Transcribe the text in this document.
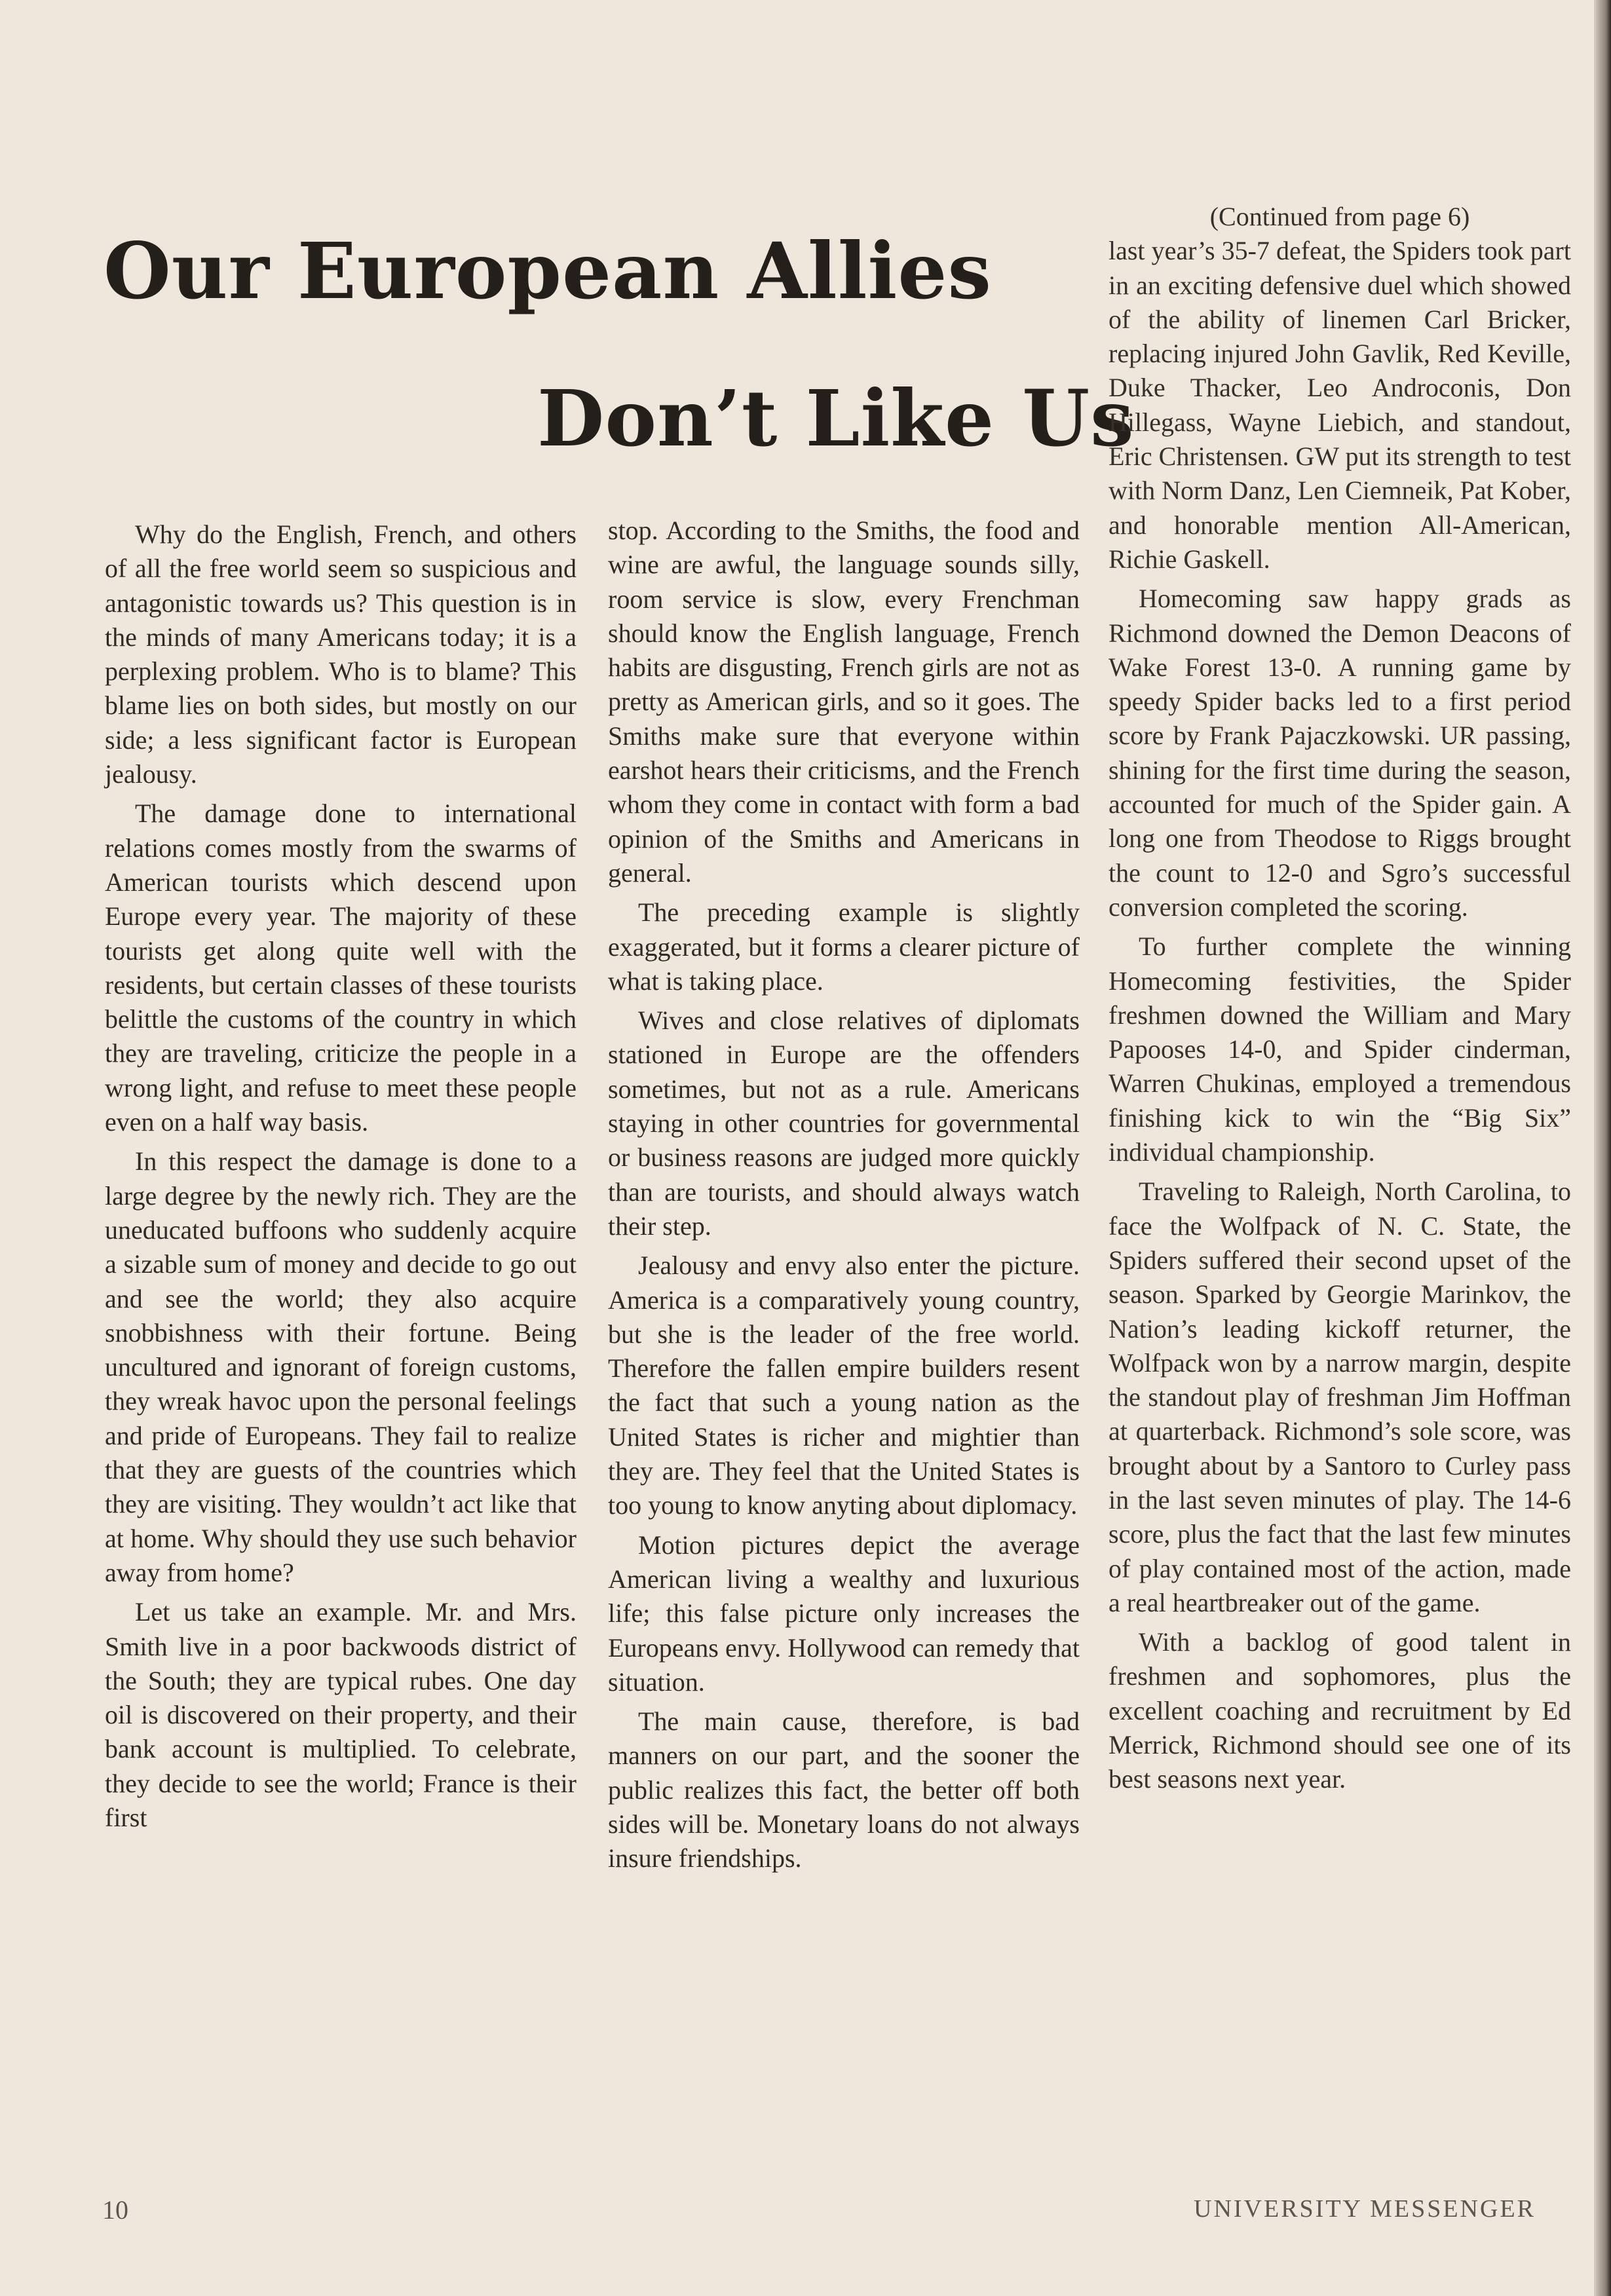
Our European Allies
Don’t Like Us

Why do the English, French, and others of all the free world seem so suspicious and antagonistic towards us? This question is in the minds of many Americans today; it is a perplexing problem. Who is to blame? This blame lies on both sides, but mostly on our side; a less significant factor is European jealousy.

The damage done to international relations comes mostly from the swarms of American tourists which descend upon Europe every year. The majority of these tourists get along quite well with the residents, but certain classes of these tourists belittle the customs of the country in which they are traveling, criticize the people in a wrong light, and refuse to meet these people even on a half way basis.

In this respect the damage is done to a large degree by the newly rich. They are the uneducated buffoons who suddenly acquire a sizable sum of money and decide to go out and see the world; they also acquire snobbishness with their fortune. Being uncultured and ignorant of foreign customs, they wreak havoc upon the personal feelings and pride of Europeans. They fail to realize that they are guests of the countries which they are visiting. They wouldn’t act like that at home. Why should they use such behavior away from home?

Let us take an example. Mr. and Mrs. Smith live in a poor backwoods district of the South; they are typical rubes. One day oil is discovered on their property, and their bank account is multiplied. To celebrate, they decide to see the world; France is their first

stop. According to the Smiths, the food and wine are awful, the language sounds silly, room service is slow, every Frenchman should know the English language, French habits are disgusting, French girls are not as pretty as American girls, and so it goes. The Smiths make sure that everyone within earshot hears their criticisms, and the French whom they come in contact with form a bad opinion of the Smiths and Americans in general.

The preceding example is slightly exaggerated, but it forms a clearer picture of what is taking place.

Wives and close relatives of diplomats stationed in Europe are the offenders sometimes, but not as a rule. Americans staying in other countries for governmental or business reasons are judged more quickly than are tourists, and should always watch their step.

Jealousy and envy also enter the picture. America is a comparatively young country, but she is the leader of the free world. Therefore the fallen empire builders resent the fact that such a young nation as the United States is richer and mightier than they are. They feel that the United States is too young to know anyting about diplomacy.

Motion pictures depict the average American living a wealthy and luxurious life; this false picture only increases the Europeans envy. Hollywood can remedy that situation.

The main cause, therefore, is bad manners on our part, and the sooner the public realizes this fact, the better off both sides will be. Monetary loans do not always insure friendships.

(Continued from page 6)

last year’s 35-7 defeat, the Spiders took part in an exciting defensive duel which showed of the ability of linemen Carl Bricker, replacing injured John Gavlik, Red Keville, Duke Thacker, Leo Androconis, Don Hillegass, Wayne Liebich, and standout, Eric Christensen. GW put its strength to test with Norm Danz, Len Ciemneik, Pat Kober, and honorable mention All-American, Richie Gaskell.

Homecoming saw happy grads as Richmond downed the Demon Deacons of Wake Forest 13-0. A running game by speedy Spider backs led to a first period score by Frank Pajaczkowski. UR passing, shining for the first time during the season, accounted for much of the Spider gain. A long one from Theodose to Riggs brought the count to 12-0 and Sgro’s successful conversion completed the scoring.

To further complete the winning Homecoming festivities, the Spider freshmen downed the William and Mary Papooses 14-0, and Spider cinderman, Warren Chukinas, employed a tremendous finishing kick to win the “Big Six” individual championship.

Traveling to Raleigh, North Carolina, to face the Wolfpack of N. C. State, the Spiders suffered their second upset of the season. Sparked by Georgie Marinkov, the Nation’s leading kickoff returner, the Wolfpack won by a narrow margin, despite the standout play of freshman Jim Hoffman at quarterback. Richmond’s sole score, was brought about by a Santoro to Curley pass in the last seven minutes of play. The 14-6 score, plus the fact that the last few minutes of play contained most of the action, made a real heartbreaker out of the game.

With a backlog of good talent in freshmen and sophomores, plus the excellent coaching and recruitment by Ed Merrick, Richmond should see one of its best seasons next year.

10	UNIVERSITY MESSENGER
